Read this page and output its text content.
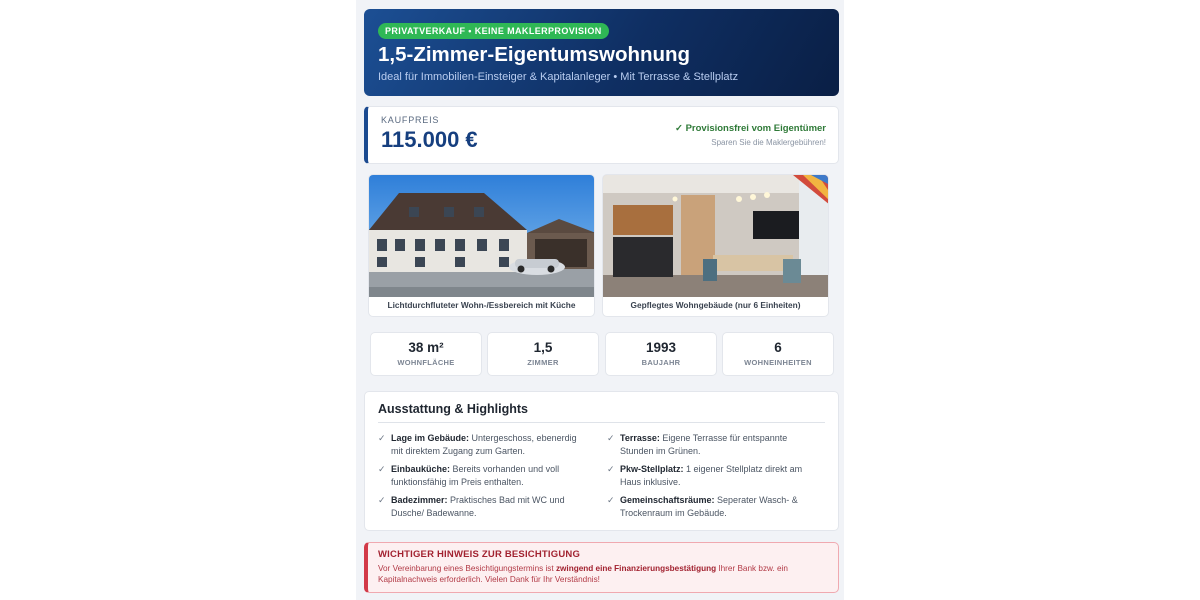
PRIVATVERKAUF • KEINE MAKLERPROVISION
1,5-Zimmer-Eigentumswohnung
Ideal für Immobilien-Einsteiger & Kapitalanleger • Mit Terrasse & Stellplatz
KAUFPREIS
115.000 €	✓ Provisionsfrei vom Eigentümer
Sparen Sie die Maklergebühren!
Lichtdurchfluteter Wohn-/Essbereich mit Küche	Gepflegtes Wohngebäude (nur 6 Einheiten)
38 m²
WOHNFLÄCHE
1,5
ZIMMER
1993
BAUJAHR
6
WOHNEINHEITEN
Ausstattung & Highlights
✓ Lage im Gebäude: Untergeschoss, ebenerdig mit direktem Zugang zum Garten.
✓ Terrasse: Eigene Terrasse für entspannte Stunden im Grünen.
✓ Einbauküche: Bereits vorhanden und voll funktionsfähig im Preis enthalten.
✓ Pkw-Stellplatz: 1 eigener Stellplatz direkt am Haus inklusive.
✓ Badezimmer: Praktisches Bad mit WC und Dusche/ Badewanne.
✓ Gemeinschaftsräume: Seperater Wasch- & Trockenraum im Gebäude.
WICHTIGER HINWEIS ZUR BESICHTIGUNG
Vor Vereinbarung eines Besichtigungstermins ist zwingend eine Finanzierungsbestätigung Ihrer Bank bzw. ein Kapitalnachweis erforderlich. Vielen Dank für Ihr Verständnis!
